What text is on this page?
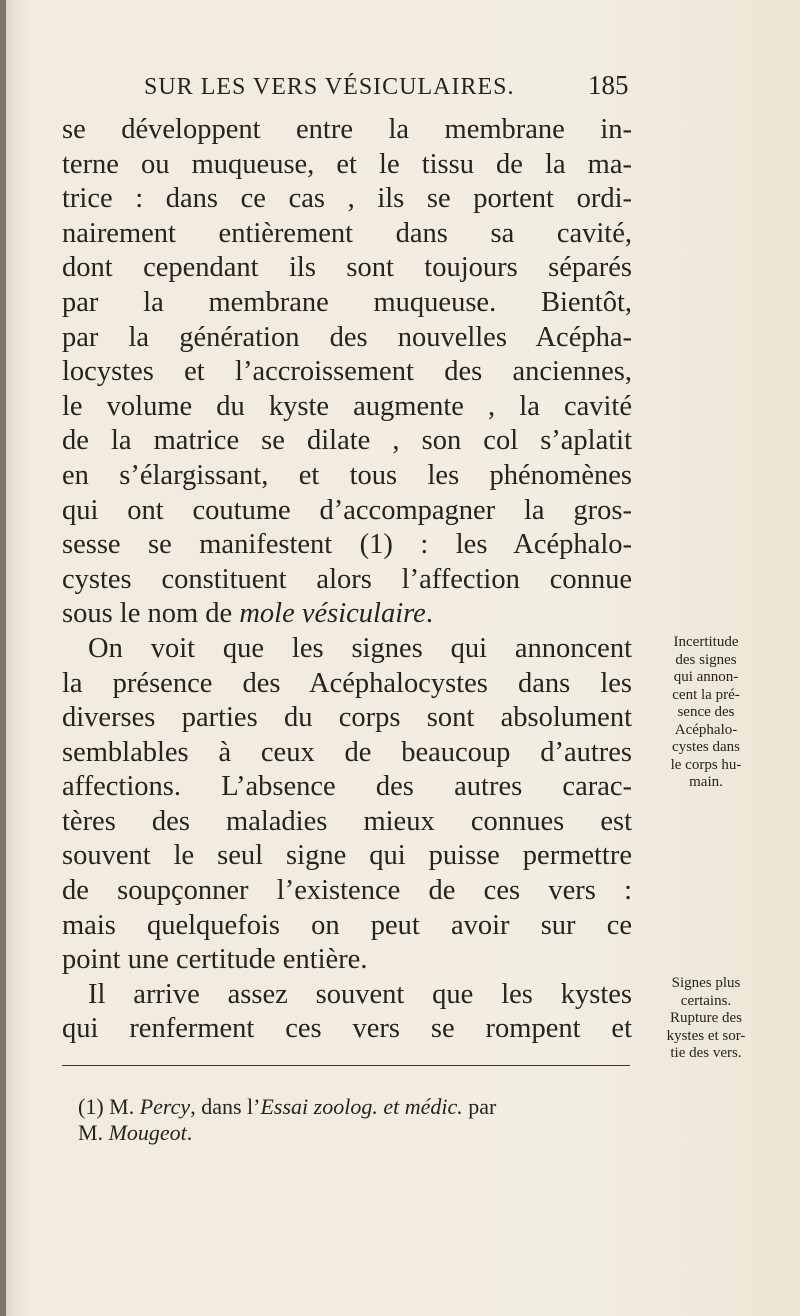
SUR LES VERS VÉSICULAIRES.	185
se développent entre la membrane in-
terne ou muqueuse, et le tissu de la ma-
trice : dans ce cas , ils se portent ordi-
nairement entièrement dans sa cavité,
dont cependant ils sont toujours séparés
par la membrane muqueuse. Bientôt,
par la génération des nouvelles Acépha-
locystes et l’accroissement des anciennes,
le volume du kyste augmente , la cavité
de la matrice se dilate , son col s’aplatit
en s’élargissant, et tous les phénomènes
qui ont coutume d’accompagner la gros-
sesse se manifestent (1) : les Acéphalo-
cystes constituent alors l’affection connue
sous le nom de mole vésiculaire.
On voit que les signes qui annoncent
la présence des Acéphalocystes dans les
diverses parties du corps sont absolument
semblables à ceux de beaucoup d’autres
affections. L’absence des autres carac-
tères des maladies mieux connues est
souvent le seul signe qui puisse permettre
de soupçonner l’existence de ces vers :
mais quelquefois on peut avoir sur ce
point une certitude entière.
Il arrive assez souvent que les kystes
qui renferment ces vers se rompent et
Incertitude
des signes
qui annon-
cent la pré-
sence des
Acéphalo-
cystes dans
le corps hu-
main.
Signes plus
certains.
Rupture des
kystes et sor-
tie des vers.
(1) M. Percy, dans l’Essai zoolog. et médic. par
M. Mougeot.
